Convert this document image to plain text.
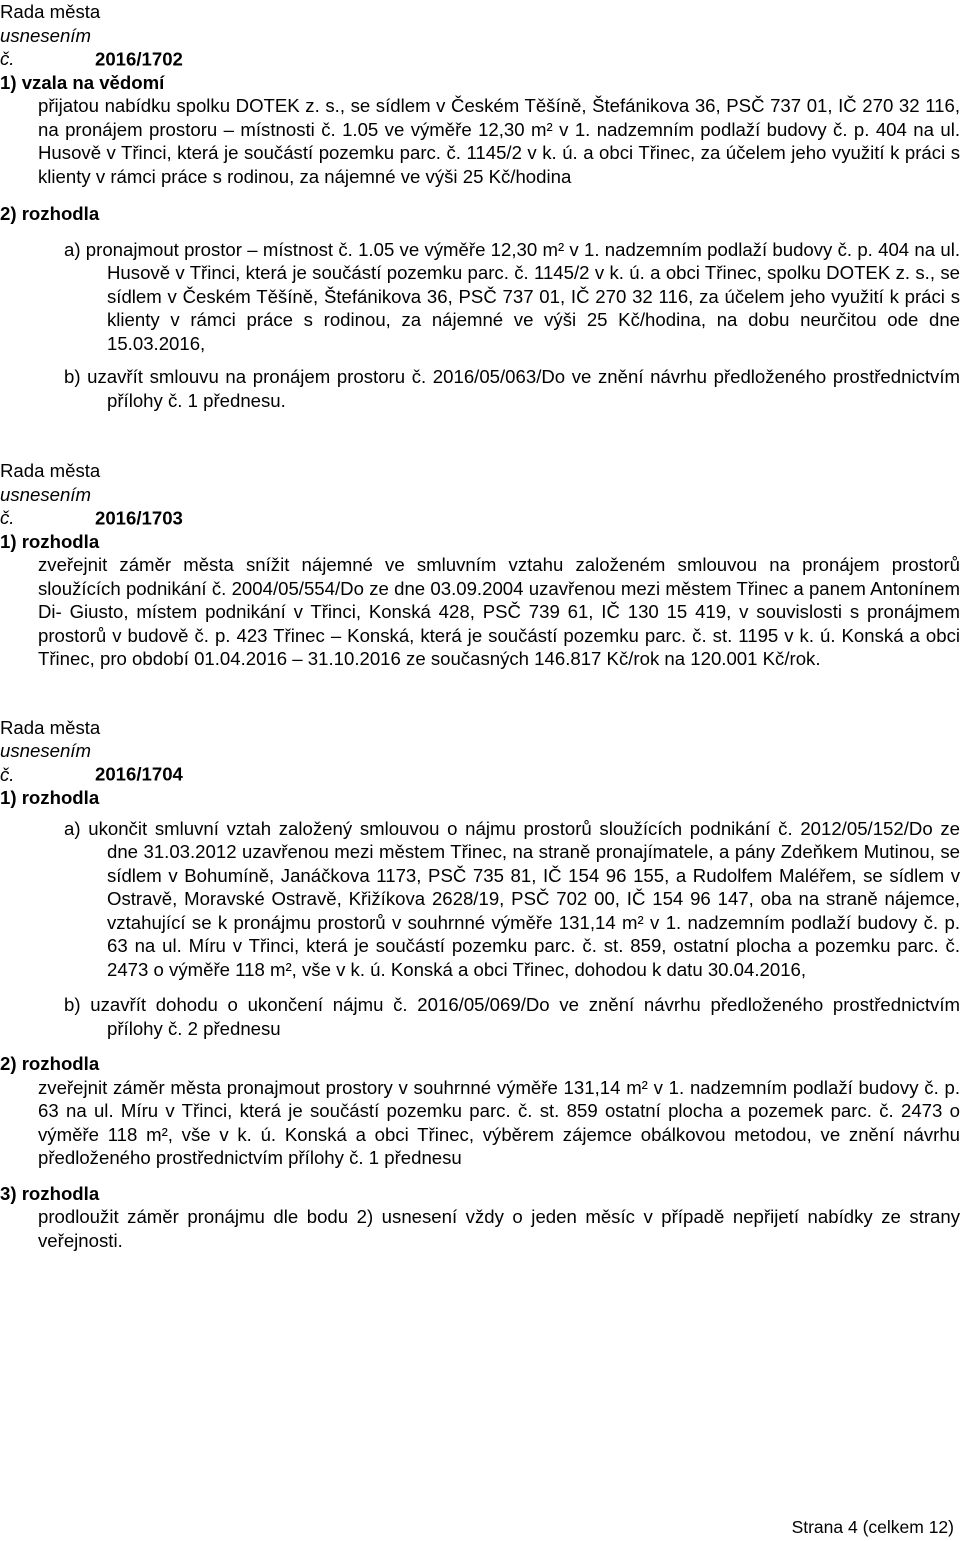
Rada města

usnesením č.	2016/1702

1) vzala na vědomí

přijatou nabídku spolku DOTEK z. s., se sídlem v Českém Těšíně, Štefánikova 36, PSČ 737 01, IČ 270 32 116, na pronájem prostoru – místnosti č. 1.05 ve výměře 12,30 m² v 1. nadzemním podlaží budovy č. p. 404 na ul. Husově v Třinci, která je součástí pozemku parc. č. 1145/2 v k. ú. a obci Třinec, za účelem jeho využití k práci s klienty v rámci práce s rodinou, za nájemné ve výši 25 Kč/hodina

2) rozhodla

a) pronajmout prostor – místnost č. 1.05 ve výměře 12,30 m² v 1. nadzemním podlaží budovy č. p. 404 na ul. Husově v Třinci, která je součástí pozemku parc. č. 1145/2 v k. ú. a obci Třinec, spolku DOTEK z. s., se sídlem v Českém Těšíně, Štefánikova 36, PSČ 737 01, IČ 270 32 116, za účelem jeho využití k práci s klienty v rámci práce s rodinou, za nájemné ve výši 25 Kč/hodina, na dobu neurčitou ode dne 15.03.2016,

b) uzavřít smlouvu na pronájem prostoru č. 2016/05/063/Do ve znění návrhu předloženého prostřednictvím přílohy č. 1 přednesu.

Rada města

usnesením č.	2016/1703

1) rozhodla

zveřejnit záměr města snížit nájemné ve smluvním vztahu založeném smlouvou na pronájem prostorů sloužících podnikání č. 2004/05/554/Do ze dne 03.09.2004 uzavřenou mezi městem Třinec a panem Antonínem Di- Giusto, místem podnikání v Třinci, Konská 428, PSČ 739 61, IČ 130 15 419, v souvislosti s pronájmem prostorů v budově č. p. 423 Třinec – Konská, která je součástí pozemku parc. č. st. 1195 v k. ú. Konská a obci Třinec, pro období 01.04.2016 – 31.10.2016 ze současných 146.817 Kč/rok na 120.001 Kč/rok.

Rada města

usnesením č.	2016/1704

1) rozhodla

a) ukončit smluvní vztah založený smlouvou o nájmu prostorů sloužících podnikání č. 2012/05/152/Do ze dne 31.03.2012 uzavřenou mezi městem Třinec, na straně pronajímatele, a pány Zdeňkem Mutinou, se sídlem v Bohumíně, Janáčkova 1173, PSČ 735 81, IČ 154 96 155, a Rudolfem Maléřem, se sídlem v Ostravě, Moravské Ostravě, Křižíkova 2628/19, PSČ 702 00, IČ 154 96 147, oba na straně nájemce, vztahující se k pronájmu prostorů v souhrnné výměře 131,14 m² v 1. nadzemním podlaží budovy č. p. 63 na ul. Míru v Třinci, která je součástí pozemku parc. č. st. 859, ostatní plocha a pozemku parc. č. 2473 o výměře 118 m², vše v k. ú. Konská a obci Třinec, dohodou k datu 30.04.2016,

b) uzavřít dohodu o ukončení nájmu č. 2016/05/069/Do ve znění návrhu předloženého prostřednictvím přílohy č. 2 přednesu

2) rozhodla

zveřejnit záměr města pronajmout prostory v souhrnné výměře 131,14 m² v 1. nadzemním podlaží budovy č. p. 63 na ul. Míru v Třinci, která je součástí pozemku parc. č. st. 859 ostatní plocha a pozemek parc. č. 2473 o výměře 118 m², vše v k. ú. Konská a obci Třinec, výběrem zájemce obálkovou metodou, ve znění návrhu předloženého prostřednictvím přílohy č. 1 přednesu

3) rozhodla

prodloužit záměr pronájmu dle bodu 2) usnesení vždy o jeden měsíc v případě nepřijetí nabídky ze strany veřejnosti.

Strana 4 (celkem 12)
